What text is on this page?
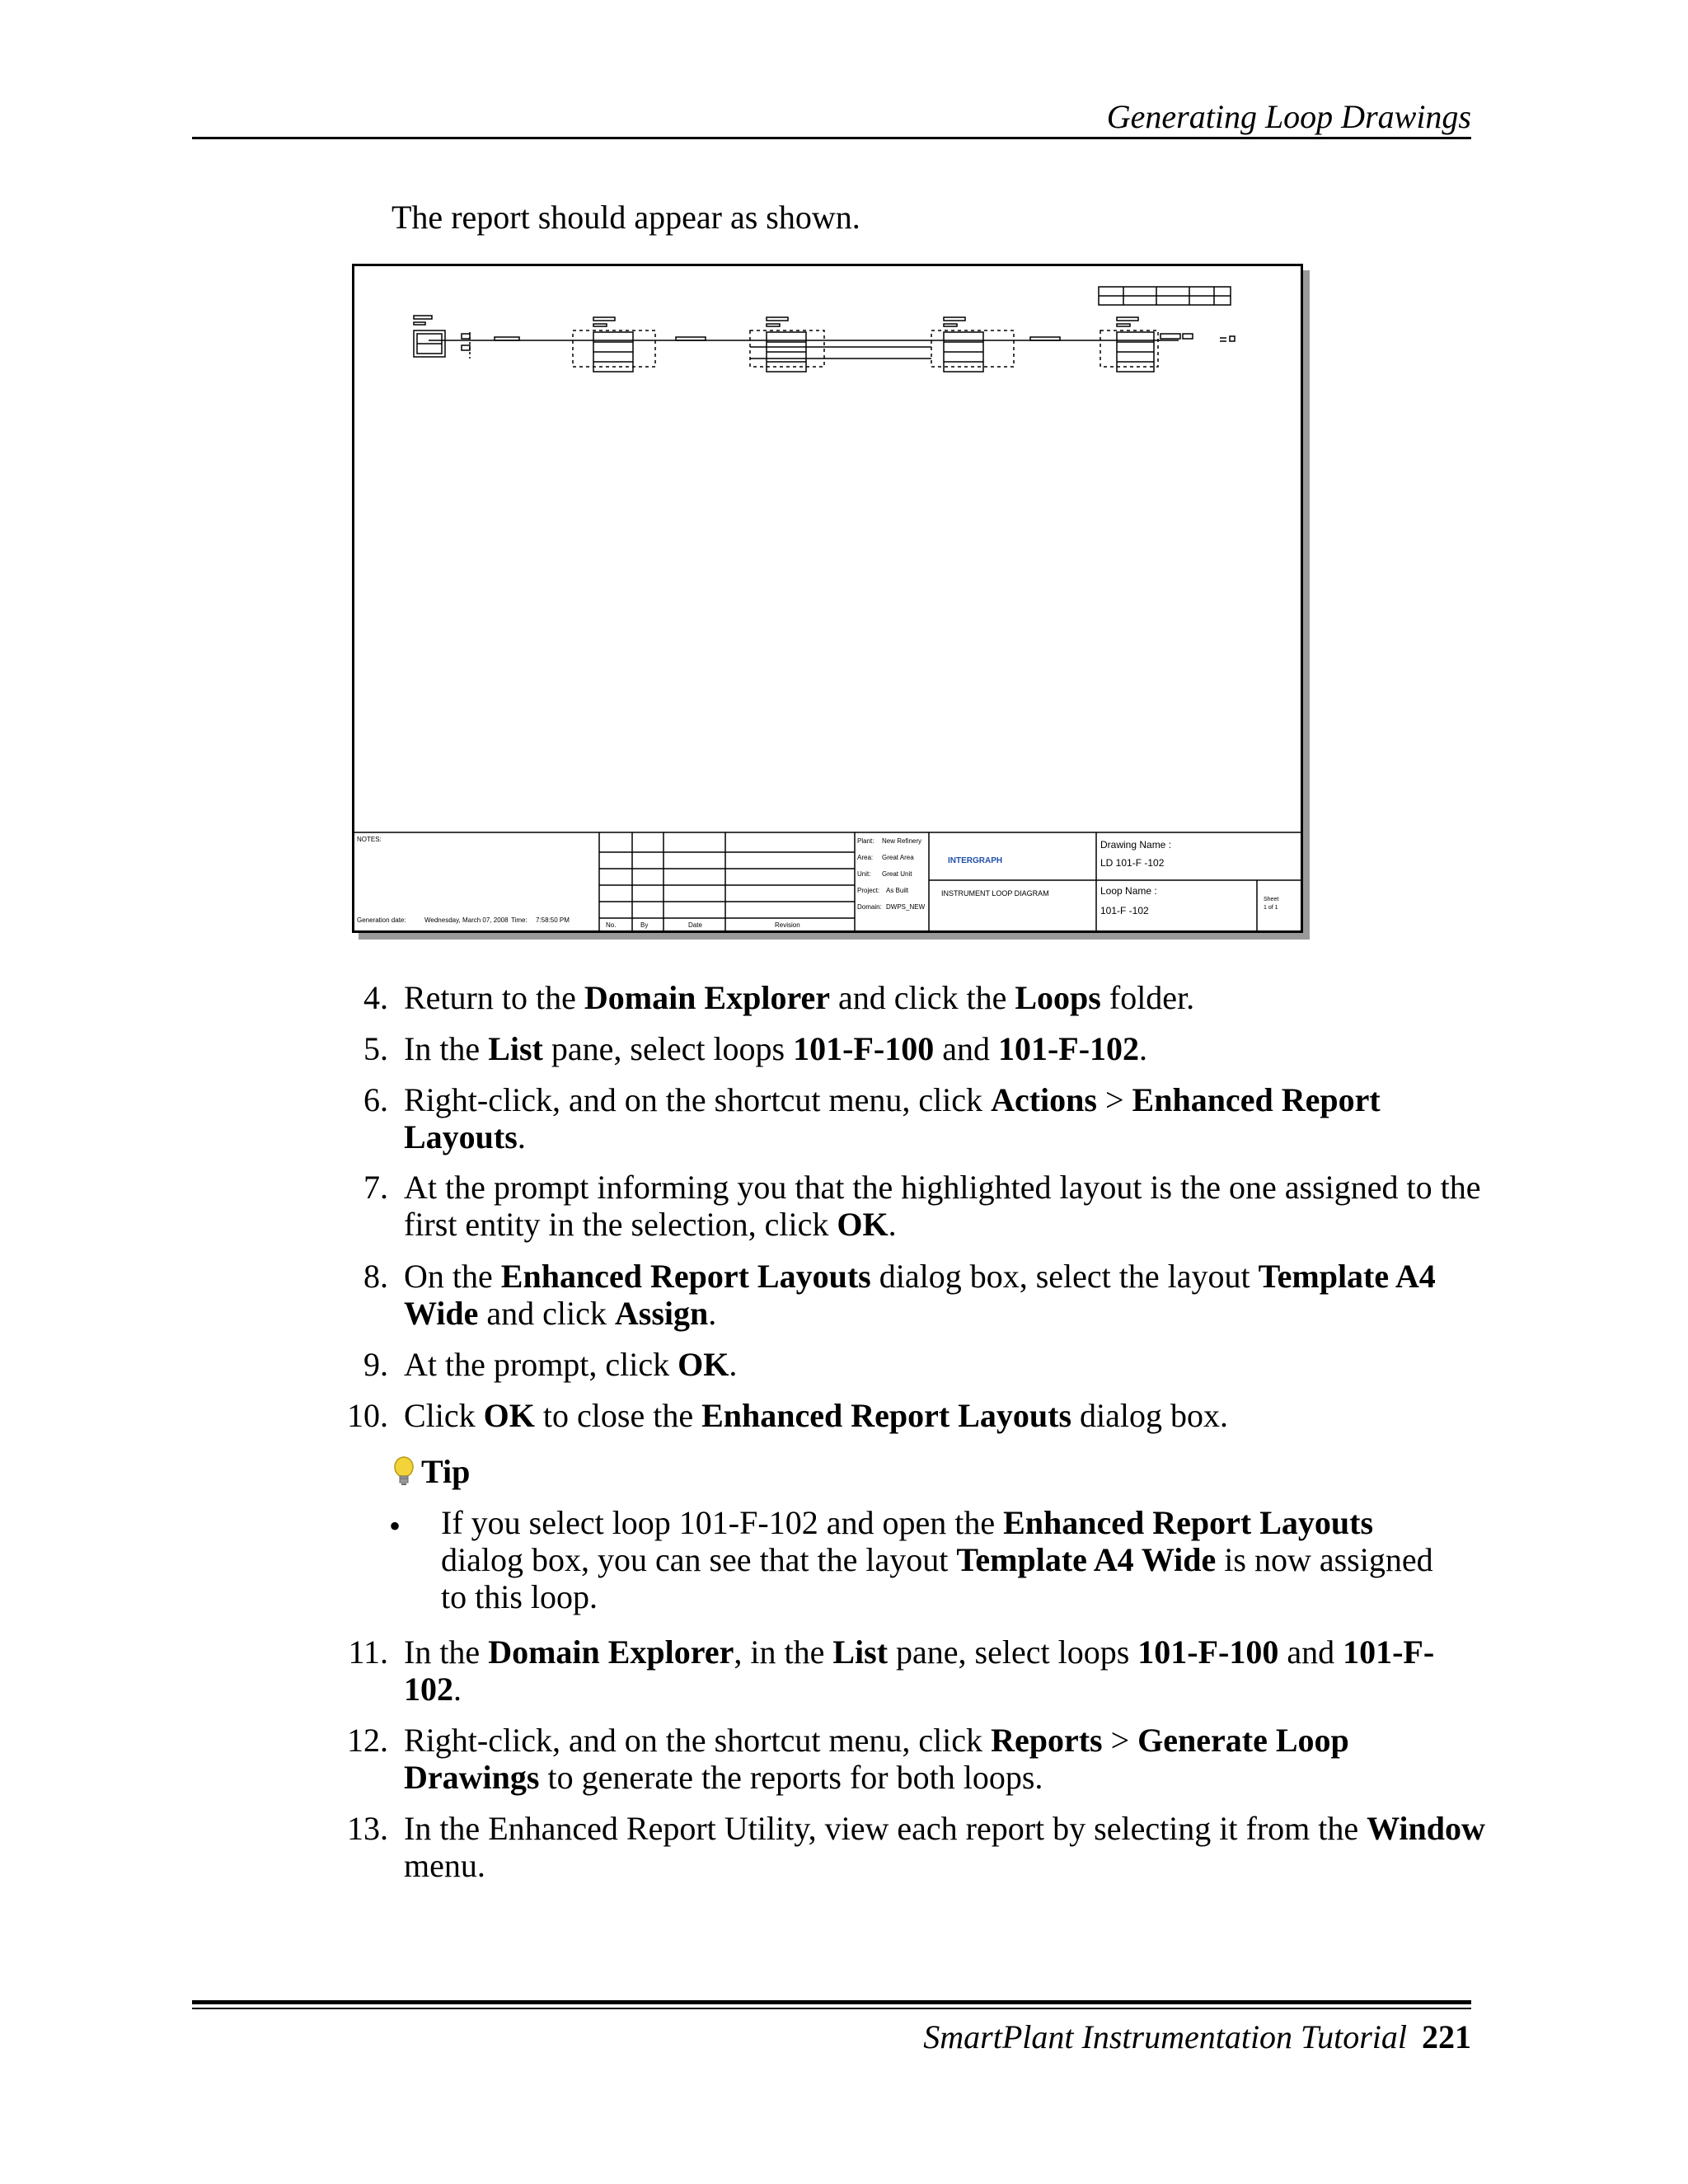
Generating Loop Drawings
The report should appear as shown.
NOTES:
Generation date:	Wednesday, March 07, 2008 Time: 7:58:50 PM
No.	By	Date	Revision
Plant: New Refinery
Area: Great Area
Unit: Great Unit
Project: As Built
Domain: DWPS_NEW
INTERGRAPH
INSTRUMENT LOOP DIAGRAM
Drawing Name :
LD 101-F -102
Loop Name :
101-F -102
Sheet
1 of 1
4. Return to the Domain Explorer and click the Loops folder.
5. In the List pane, select loops 101-F-100 and 101-F-102.
6. Right-click, and on the shortcut menu, click Actions > Enhanced Report Layouts.
7. At the prompt informing you that the highlighted layout is the one assigned to the first entity in the selection, click OK.
8. On the Enhanced Report Layouts dialog box, select the layout Template A4 Wide and click Assign.
9. At the prompt, click OK.
10. Click OK to close the Enhanced Report Layouts dialog box.
Tip
• If you select loop 101-F-102 and open the Enhanced Report Layouts dialog box, you can see that the layout Template A4 Wide is now assigned to this loop.
11. In the Domain Explorer, in the List pane, select loops 101-F-100 and 101-F-102.
12. Right-click, and on the shortcut menu, click Reports > Generate Loop Drawings to generate the reports for both loops.
13. In the Enhanced Report Utility, view each report by selecting it from the Window menu.
SmartPlant Instrumentation Tutorial 221
